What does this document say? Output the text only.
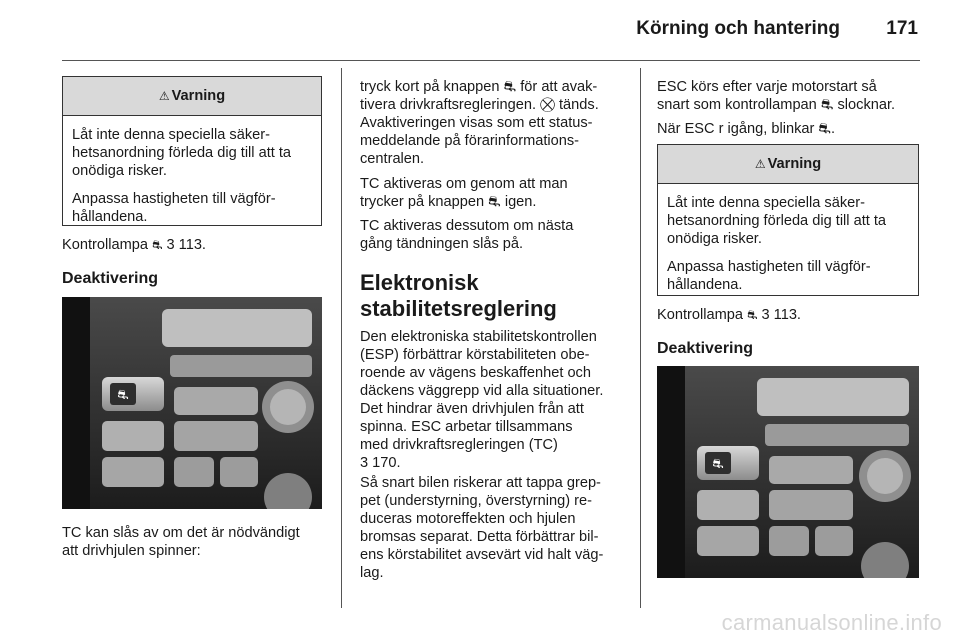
Körning och hantering 171
⚠ Varning

Låt inte denna speciella säker-
hetsanordning förleda dig till att ta
onödiga risker.

Anpassa hastigheten till vägför-
hållandena.

Kontrollampa ⛐ 3 113.
Deaktivering
⛐
TC kan slås av om det är nödvändigt
att drivhjulen spinner:
tryck kort på knappen ⛐ för att avak-
tivera drivkraftsregleringen. ⛒ tänds.
Avaktiveringen visas som ett status-
meddelande på förarinformations-
centralen.
TC aktiveras om genom att man
trycker på knappen ⛐ igen.
TC aktiveras dessutom om nästa
gång tändningen slås på.
Elektronisk
stabilitetsreglering
Den elektroniska stabilitetskontrollen
(ESP) förbättrar körstabiliteten obe-
roende av vägens beskaffenhet och
däckens väggrepp vid alla situationer.
Det hindrar även drivhjulen från att
spinna. ESC arbetar tillsammans
med drivkraftsregleringen (TC)
3 170.
Så snart bilen riskerar att tappa grep-
pet (understyrning, överstyrning) re-
duceras motoreffekten och hjulen
bromsas separat. Detta förbättrar bil-
ens körstabilitet avsevärt vid halt väg-
lag.
ESC körs efter varje motorstart så
snart som kontrollampan ⛐ slocknar.
När ESC r igång, blinkar ⛐.
⚠ Varning

Låt inte denna speciella säker-
hetsanordning förleda dig till att ta
onödiga risker.

Anpassa hastigheten till vägför-
hållandena.

Kontrollampa ⛐ 3 113.
Deaktivering
⛐
carmanualsonline.info
